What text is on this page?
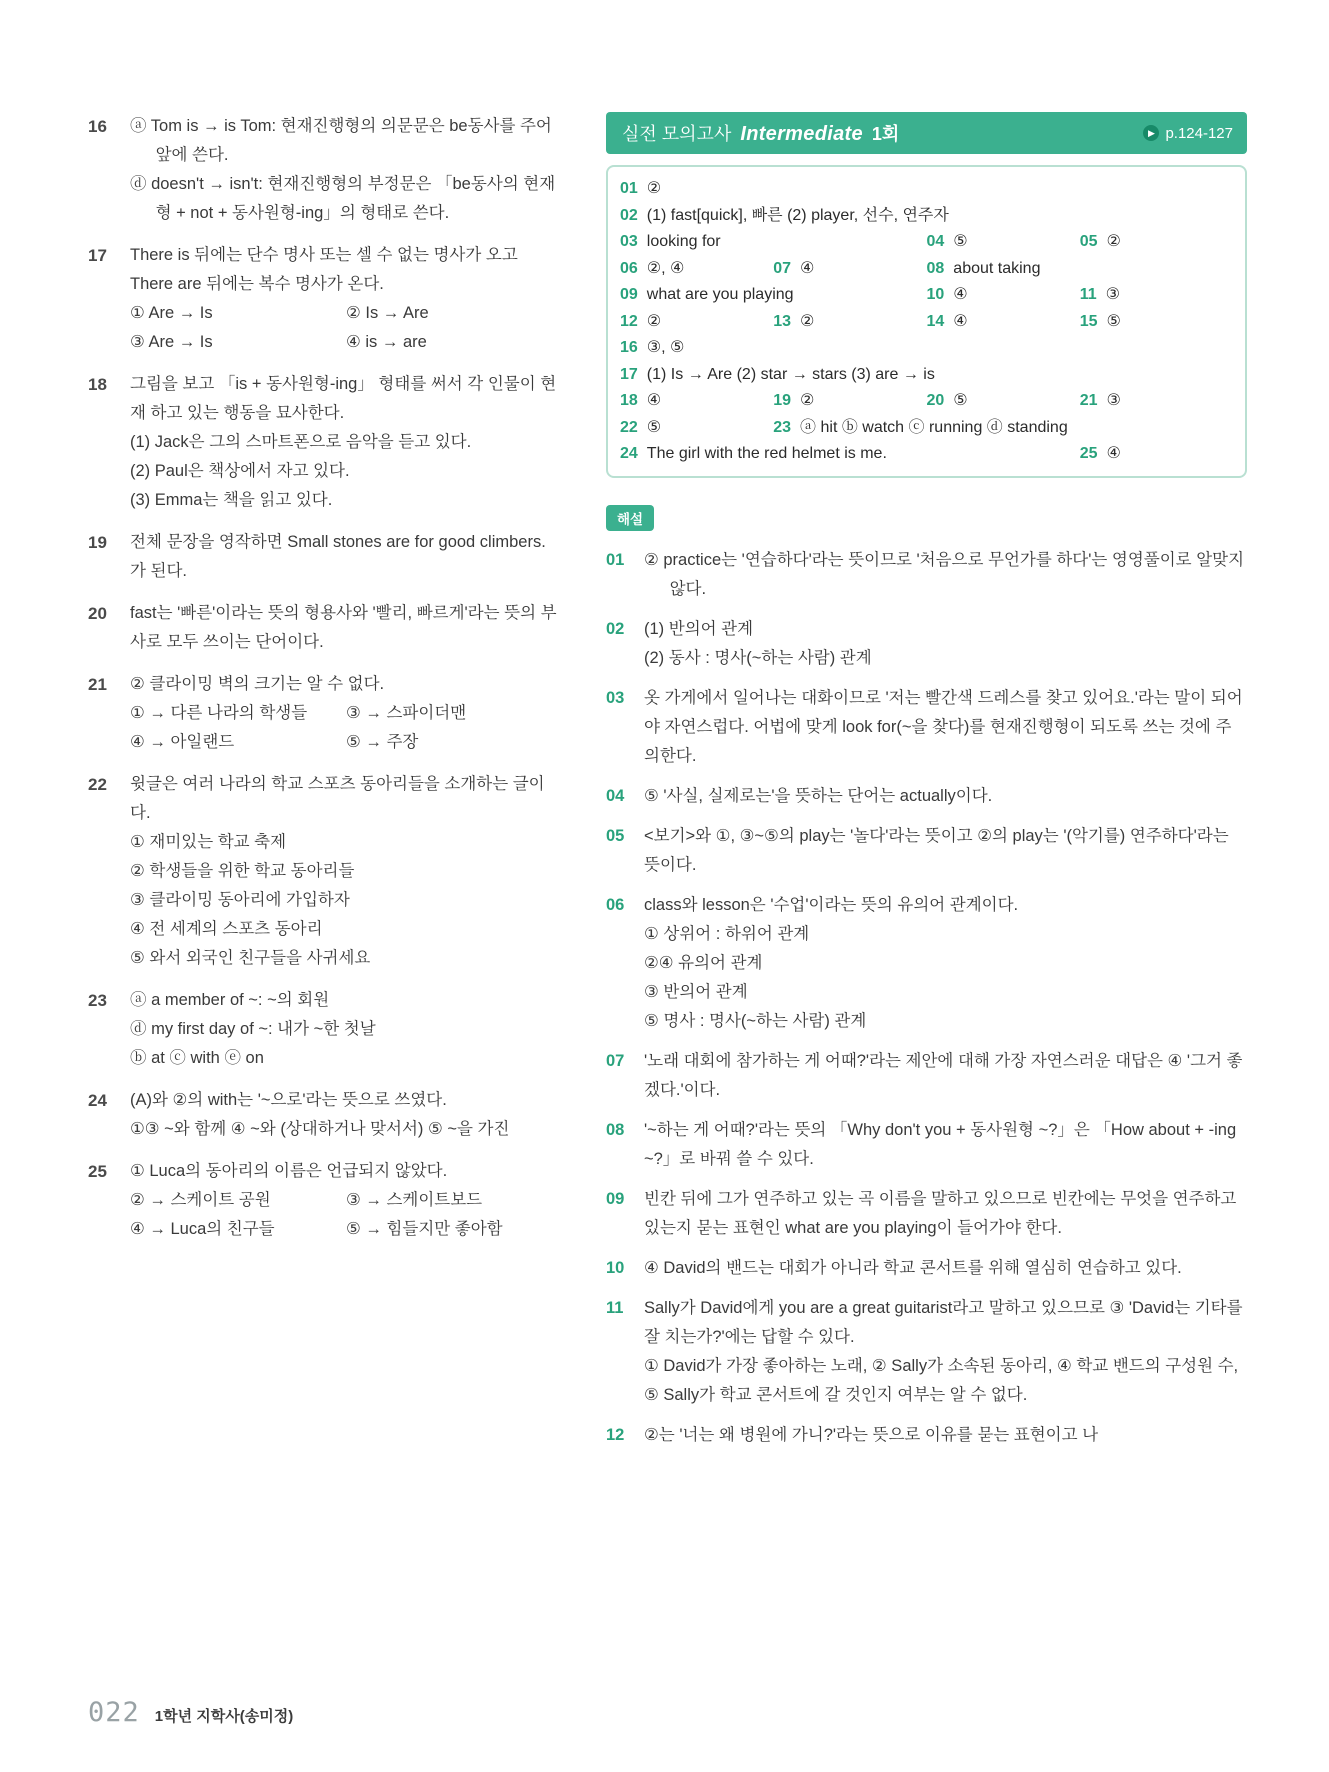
16	ⓐ Tom is → is Tom: 현재진행형의 의문문은 be동사를 주어 앞에 쓴다.

ⓓ doesn't → isn't: 현재진행형의 부정문은 「be동사의 현재형 + not + 동사원형-ing」의 형태로 쓴다.

17	There is 뒤에는 단수 명사 또는 셀 수 없는 명사가 오고 There are 뒤에는 복수 명사가 온다.

① Are → Is	② Is → Are
③ Are → Is	④ is → are
18	그림을 보고 「is + 동사원형-ing」 형태를 써서 각 인물이 현재 하고 있는 행동을 묘사한다.

(1) Jack은 그의 스마트폰으로 음악을 듣고 있다.

(2) Paul은 책상에서 자고 있다.

(3) Emma는 책을 읽고 있다.

19	전체 문장을 영작하면 Small stones are for good climbers. 가 된다.

20	fast는 '빠른'이라는 뜻의 형용사와 '빨리, 빠르게'라는 뜻의 부사로 모두 쓰이는 단어이다.

21	② 클라이밍 벽의 크기는 알 수 없다.

① → 다른 나라의 학생들	③ → 스파이더맨
④ → 아일랜드	⑤ → 주장
22	윗글은 여러 나라의 학교 스포츠 동아리들을 소개하는 글이다.

① 재미있는 학교 축제

② 학생들을 위한 학교 동아리들

③ 클라이밍 동아리에 가입하자

④ 전 세계의 스포츠 동아리

⑤ 와서 외국인 친구들을 사귀세요

23	ⓐ a member of ~: ~의 회원

ⓓ my first day of ~: 내가 ~한 첫날

ⓑ at ⓒ with ⓔ on

24	(A)와 ②의 with는 '~으로'라는 뜻으로 쓰였다.

①③ ~와 함께 ④ ~와 (상대하거나 맞서서) ⑤ ~을 가진

25	① Luca의 동아리의 이름은 언급되지 않았다.

② → 스케이트 공원	③ → 스케이트보드
④ → Luca의 친구들	⑤ → 힘들지만 좋아함
실전 모의고사 Intermediate 1회	▶ p.124-127
01 ②
02 (1) fast[quick], 빠른 (2) player, 선수, 연주자
03 looking for	04 ⑤	05 ②
06 ②, ④	07 ④	08 about taking
09 what are you playing	10 ④	11 ③
12 ②	13 ②	14 ④	15 ⑤
16 ③, ⑤
17 (1) Is → Are (2) star → stars (3) are → is
18 ④	19 ②	20 ⑤	21 ③
22 ⑤	23 ⓐ hit ⓑ watch ⓒ running ⓓ standing
24 The girl with the red helmet is me.	25 ④
해설
01	② practice는 '연습하다'라는 뜻이므로 '처음으로 무언가를 하다'는 영영풀이로 알맞지 않다.

02	(1) 반의어 관계

(2) 동사 : 명사(~하는 사람) 관계

03	옷 가게에서 일어나는 대화이므로 '저는 빨간색 드레스를 찾고 있어요.'라는 말이 되어야 자연스럽다. 어법에 맞게 look for(~을 찾다)를 현재진행형이 되도록 쓰는 것에 주의한다.

04	⑤ '사실, 실제로는'을 뜻하는 단어는 actually이다.

05	<보기>와 ①, ③~⑤의 play는 '놀다'라는 뜻이고 ②의 play는 '(악기를) 연주하다'라는 뜻이다.

06	class와 lesson은 '수업'이라는 뜻의 유의어 관계이다.

① 상위어 : 하위어 관계

②④ 유의어 관계

③ 반의어 관계

⑤ 명사 : 명사(~하는 사람) 관계

07	'노래 대회에 참가하는 게 어때?'라는 제안에 대해 가장 자연스러운 대답은 ④ '그거 좋겠다.'이다.

08	'~하는 게 어때?'라는 뜻의 「Why don't you + 동사원형 ~?」은 「How about + -ing ~?」로 바꿔 쓸 수 있다.

09	빈칸 뒤에 그가 연주하고 있는 곡 이름을 말하고 있으므로 빈칸에는 무엇을 연주하고 있는지 묻는 표현인 what are you playing이 들어가야 한다.

10	④ David의 밴드는 대회가 아니라 학교 콘서트를 위해 열심히 연습하고 있다.

11	Sally가 David에게 you are a great guitarist라고 말하고 있으므로 ③ 'David는 기타를 잘 치는가?'에는 답할 수 있다.

① David가 가장 좋아하는 노래, ② Sally가 소속된 동아리, ④ 학교 밴드의 구성원 수, ⑤ Sally가 학교 콘서트에 갈 것인지 여부는 알 수 없다.

12	②는 '너는 왜 병원에 가니?'라는 뜻으로 이유를 묻는 표현이고 나

022 1학년 지학사(송미정)
